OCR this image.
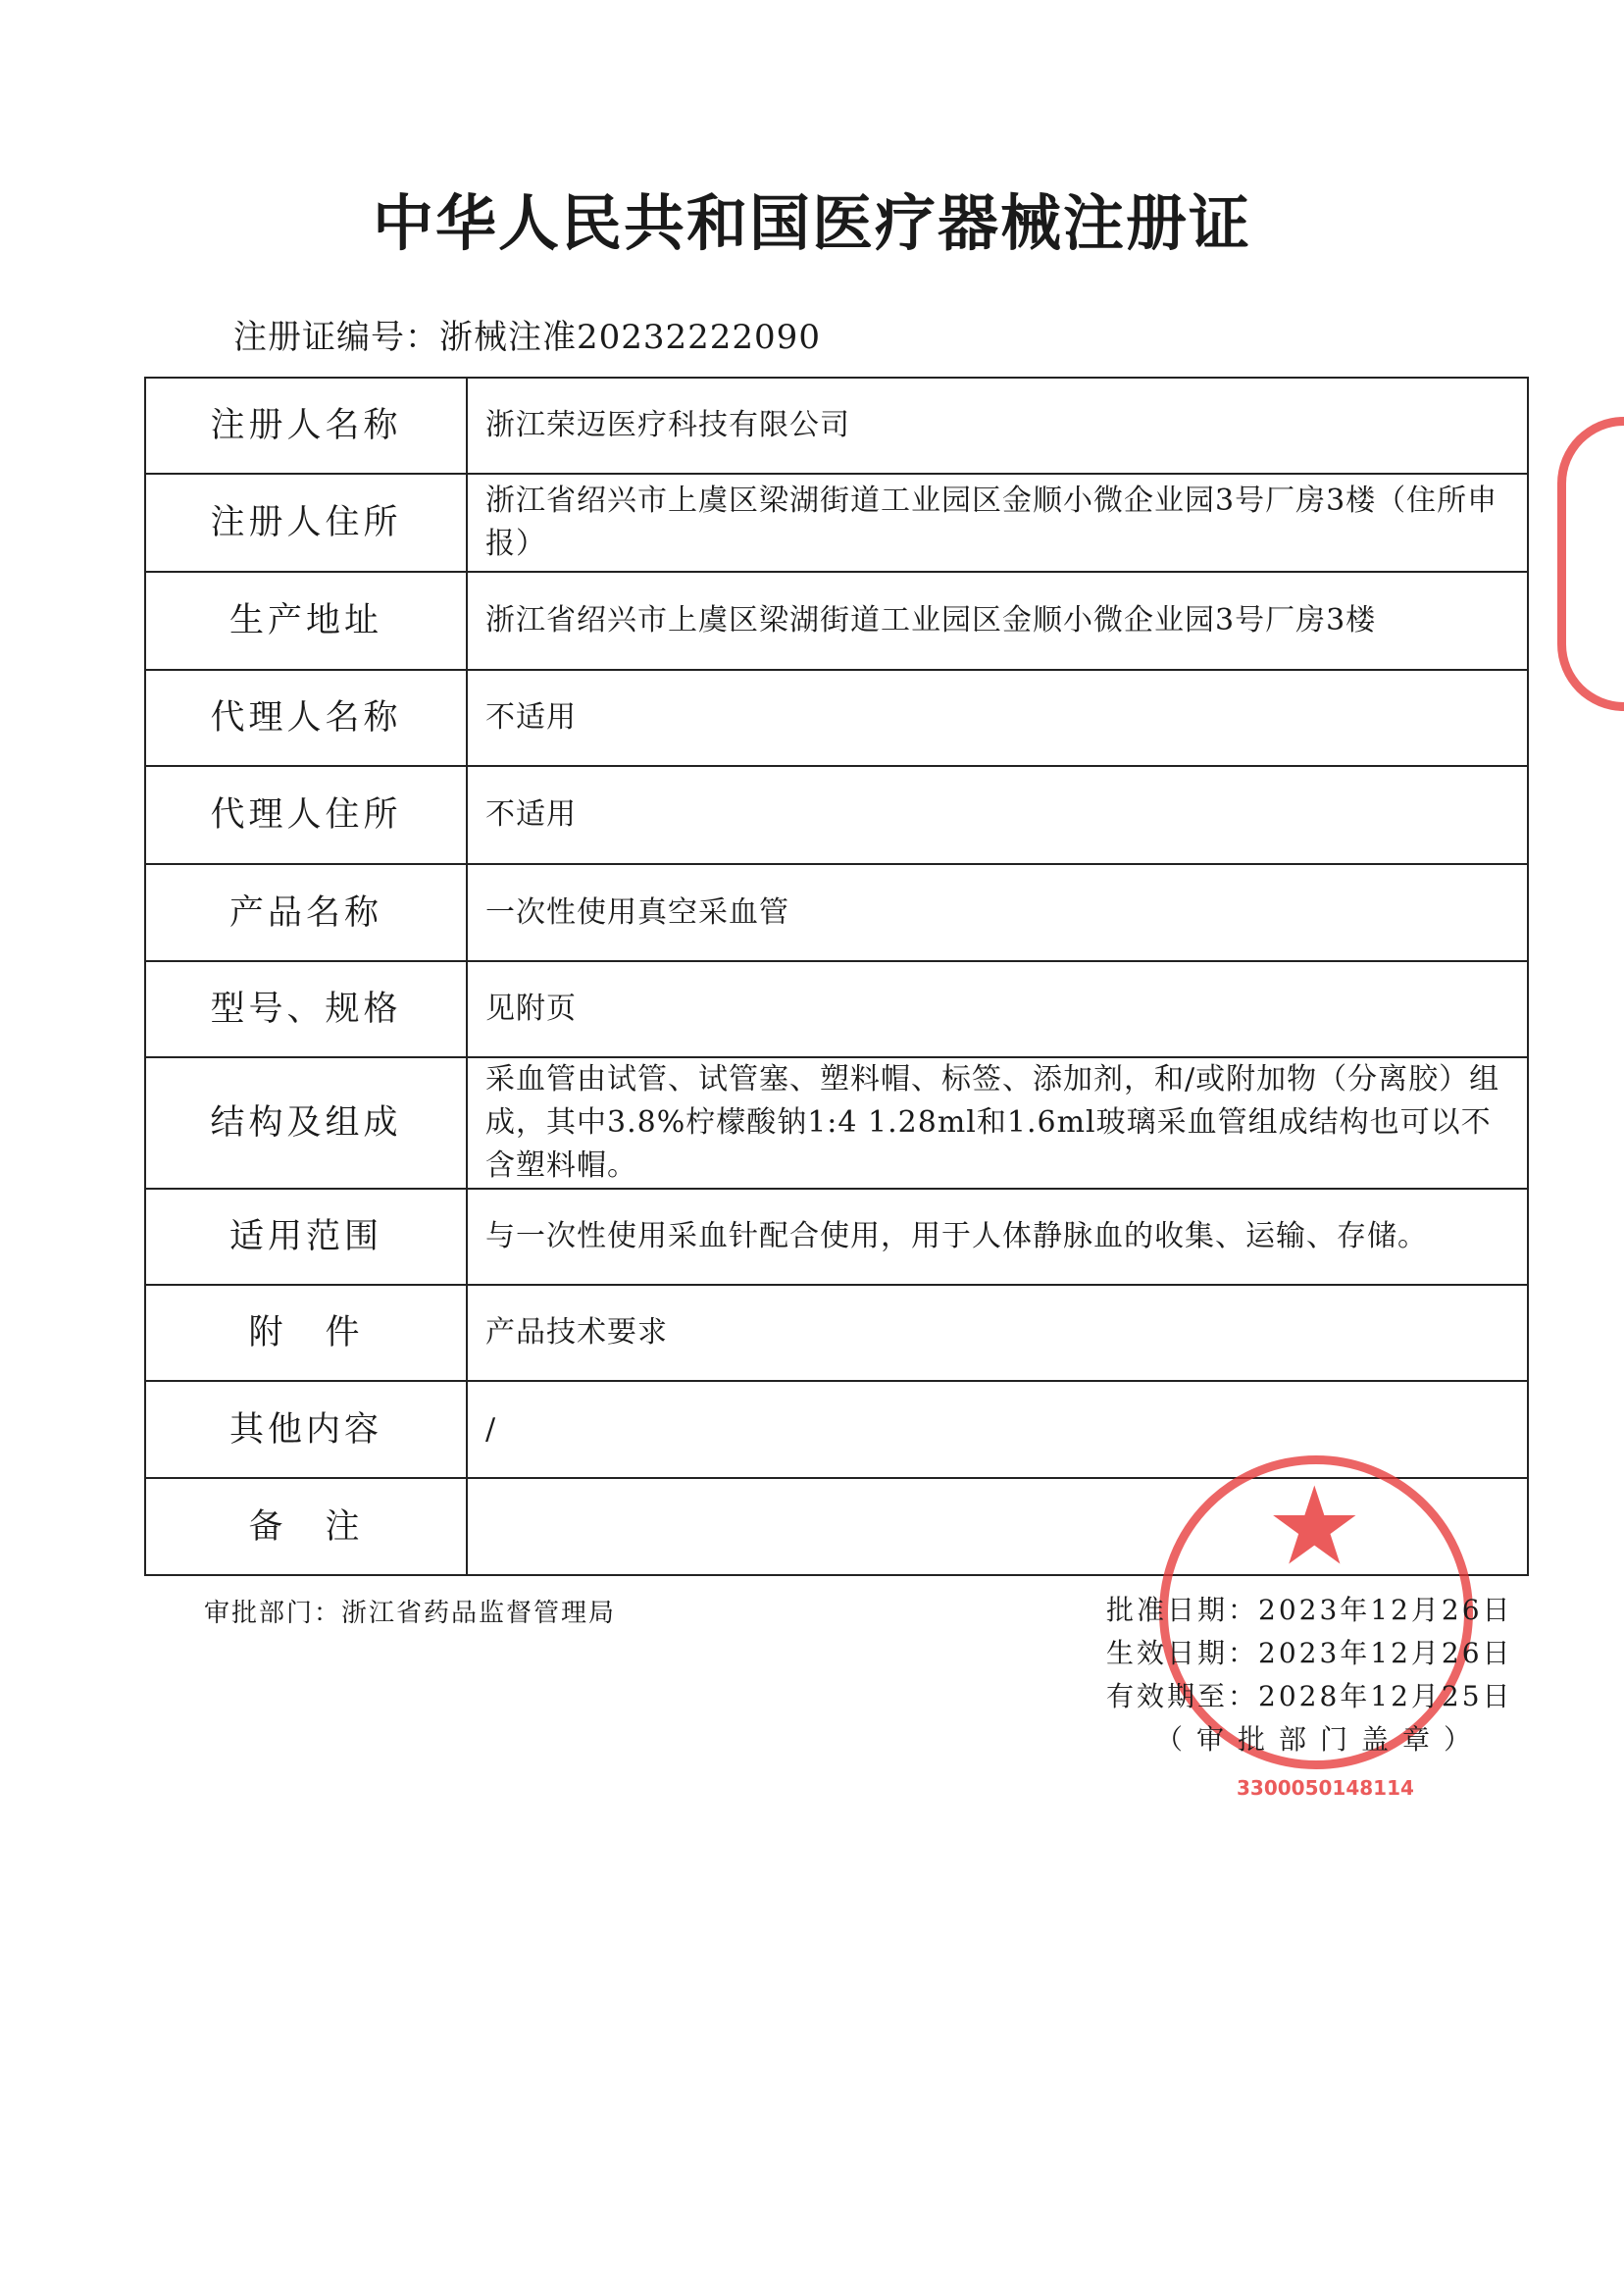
中华人民共和国医疗器械注册证
注册证编号：浙械注准20232222090
注册人名称	浙江荣迈医疗科技有限公司
注册人住所	浙江省绍兴市上虞区梁湖街道工业园区金顺小微企业园3号厂房3楼（住所申报）
生产地址	浙江省绍兴市上虞区梁湖街道工业园区金顺小微企业园3号厂房3楼
代理人名称	不适用
代理人住所	不适用
产品名称	一次性使用真空采血管
型号、规格	见附页
结构及组成	采血管由试管、试管塞、塑料帽、标签、添加剂，和/或附加物（分离胶）组成，其中3.8%柠檬酸钠1:4 1.28ml和1.6ml玻璃采血管组成结构也可以不含塑料帽。
适用范围	与一次性使用采血针配合使用，用于人体静脉血的收集、运输、存储。
附　件	产品技术要求
其他内容	/
备　注	
审批部门：浙江省药品监督管理局
★
3300050148114
批准日期：2023年12月26日
生效日期：2023年12月26日
有效期至：2028年12月25日
（审批部门盖章）
